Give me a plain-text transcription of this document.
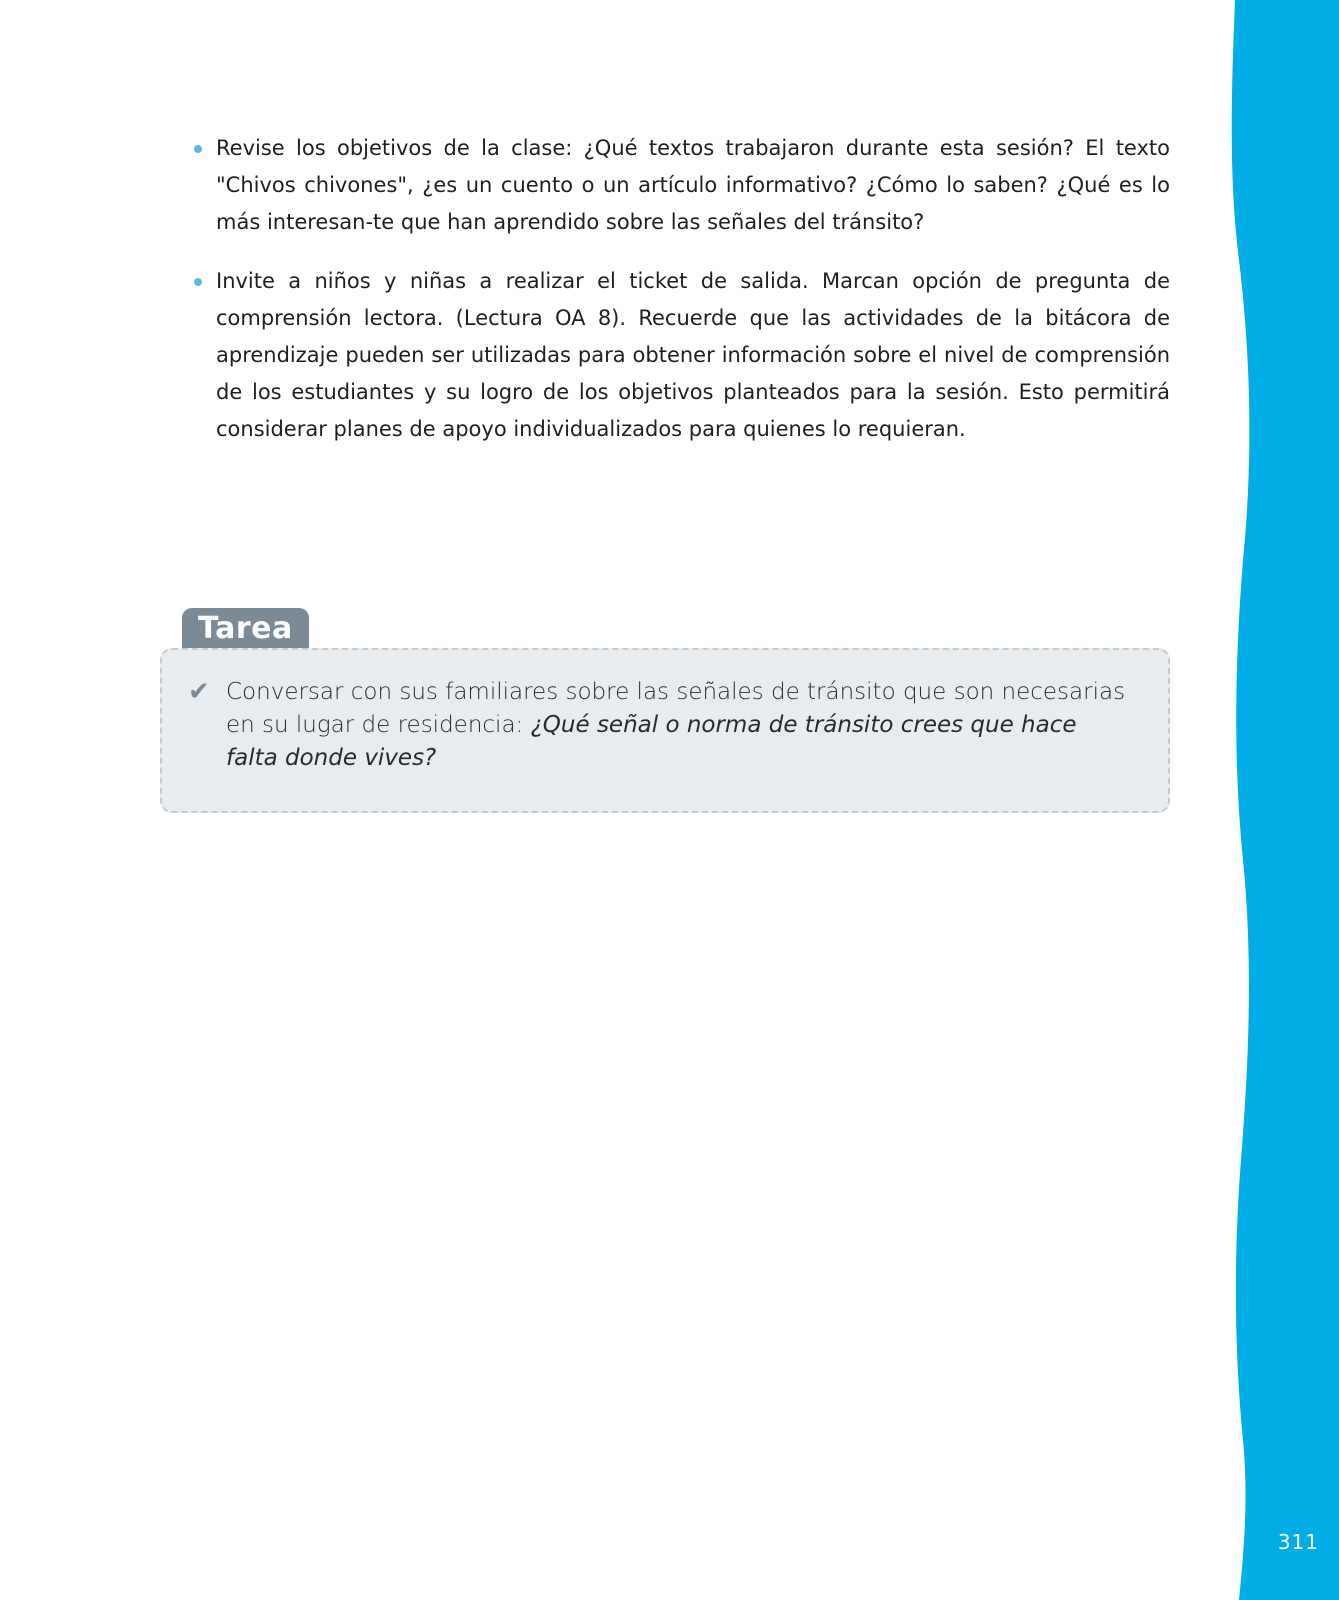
311
Revise los objetivos de la clase: ¿Qué textos trabajaron durante esta sesión? El texto "Chivos chivones", ¿es un cuento o un artículo informativo? ¿Cómo lo saben? ¿Qué es lo más interesan-te que han aprendido sobre las señales del tránsito?
Invite a niños y niñas a realizar el ticket de salida. Marcan opción de pregunta de comprensión lectora. (Lectura OA 8). Recuerde que las actividades de la bitácora de aprendizaje pueden ser utilizadas para obtener información sobre el nivel de comprensión de los estudiantes y su logro de los objetivos planteados para la sesión. Esto permitirá considerar planes de apoyo individualizados para quienes lo requieran.
Tarea
✔ Conversar con sus familiares sobre las señales de tránsito que son necesarias en su lugar de residencia: ¿Qué señal o norma de tránsito crees que hace falta donde vives?
